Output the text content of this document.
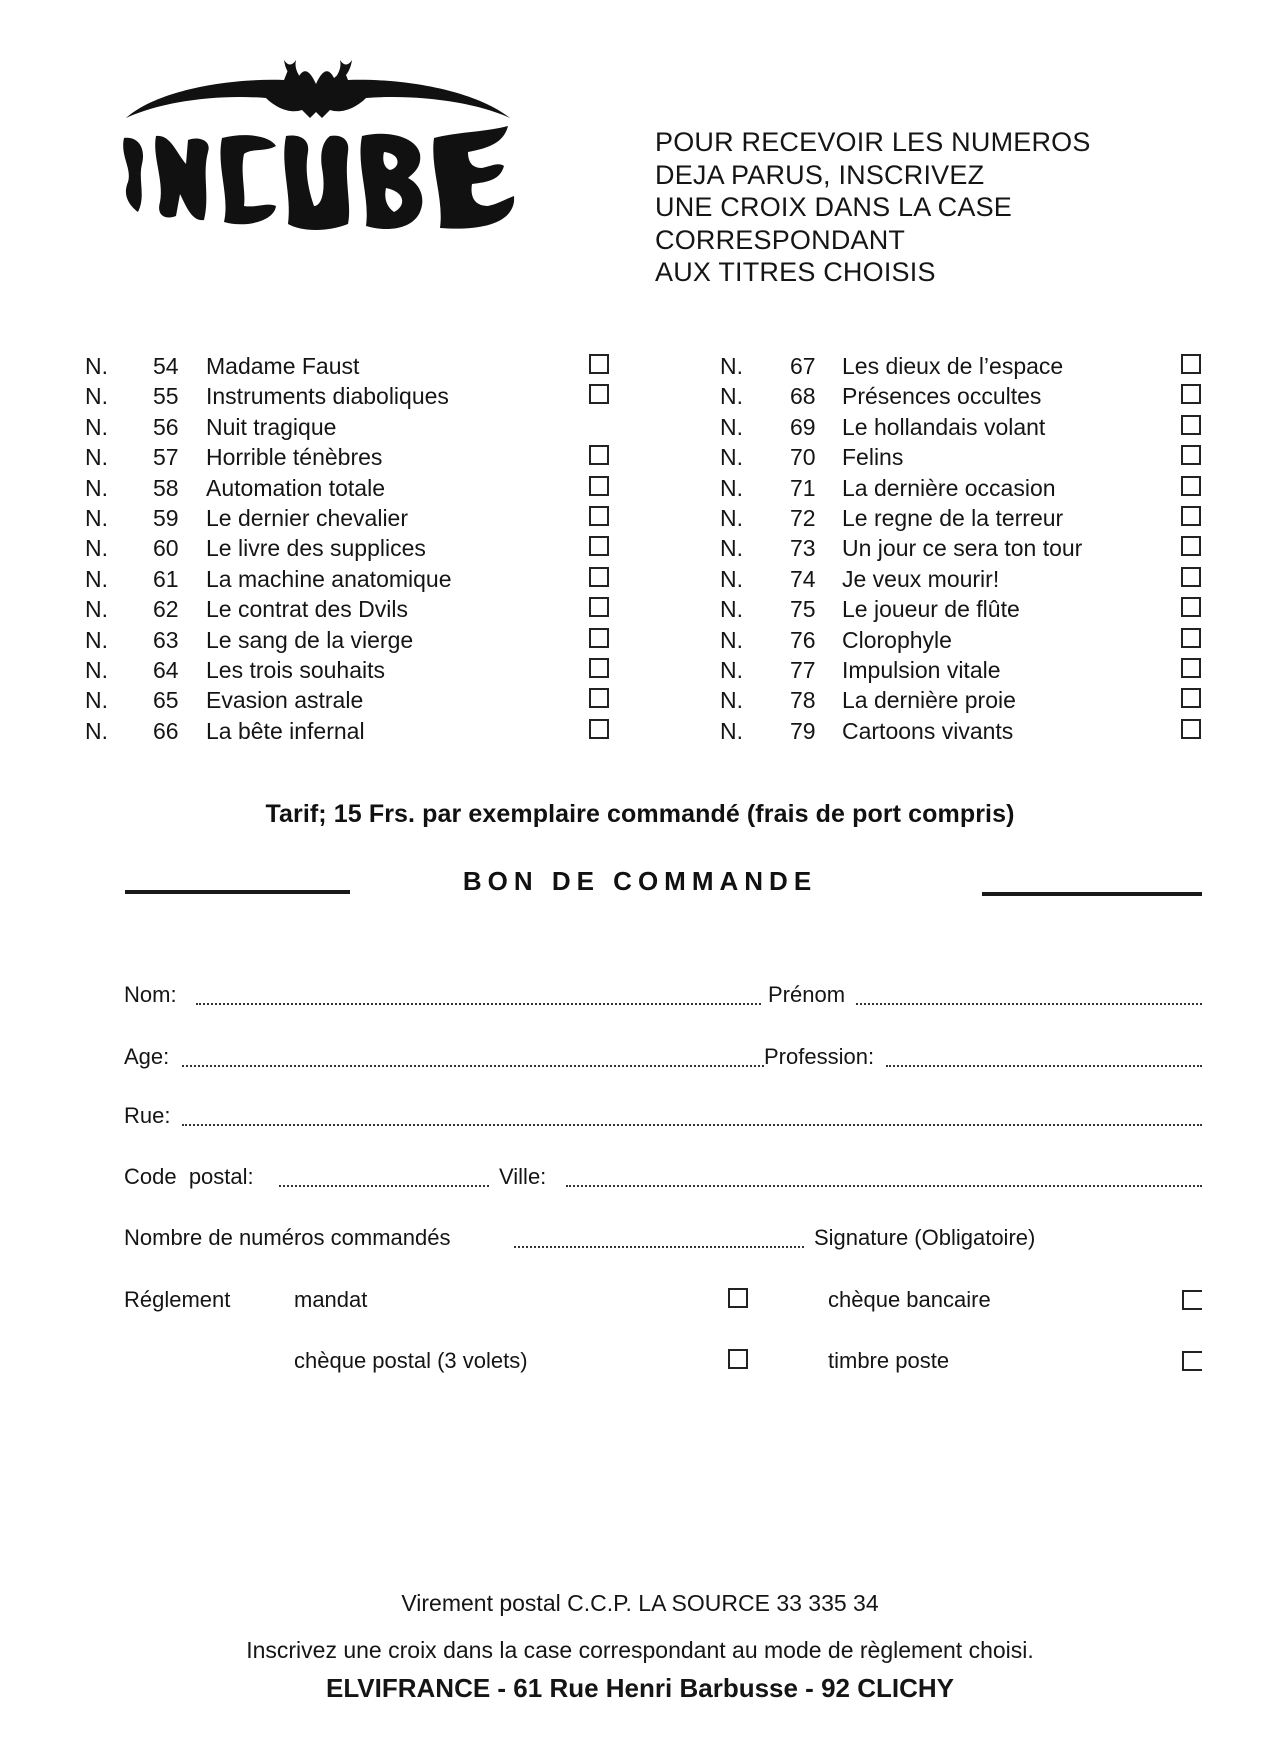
POUR RECEVOIR LES NUMEROS
DEJA PARUS, INSCRIVEZ
UNE CROIX DANS LA CASE
CORRESPONDANT
AUX TITRES CHOISIS
N. 54 Madame Faust
N. 55 Instruments diaboliques
N. 56 Nuit tragique
N. 57 Horrible ténèbres
N. 58 Automation totale
N. 59 Le dernier chevalier
N. 60 Le livre des supplices
N. 61 La machine anatomique
N. 62 Le contrat des Dvils
N. 63 Le sang de la vierge
N. 64 Les trois souhaits
N. 65 Evasion astrale
N. 66 La bête infernal
N. 67 Les dieux de l’espace
N. 68 Présences occultes
N. 69 Le hollandais volant
N. 70 Felins
N. 71 La dernière occasion
N. 72 Le regne de la terreur
N. 73 Un jour ce sera ton tour
N. 74 Je veux mourir!
N. 75 Le joueur de flûte
N. 76 Clorophyle
N. 77 Impulsion vitale
N. 78 La dernière proie
N. 79 Cartoons vivants
Tarif; 15 Frs. par exemplaire commandé (frais de port compris)
BON DE COMMANDE
Nom:	Prénom
Age:	Profession:
Rue:
Code  postal:	Ville:
Nombre de numéros commandés	Signature (Obligatoire)
Réglement	mandat	chèque bancaire
chèque postal (3 volets)	timbre poste
Virement postal C.C.P. LA SOURCE 33 335 34
Inscrivez une croix dans la case correspondant au mode de règlement choisi.
ELVIFRANCE - 61 Rue Henri Barbusse - 92 CLICHY
